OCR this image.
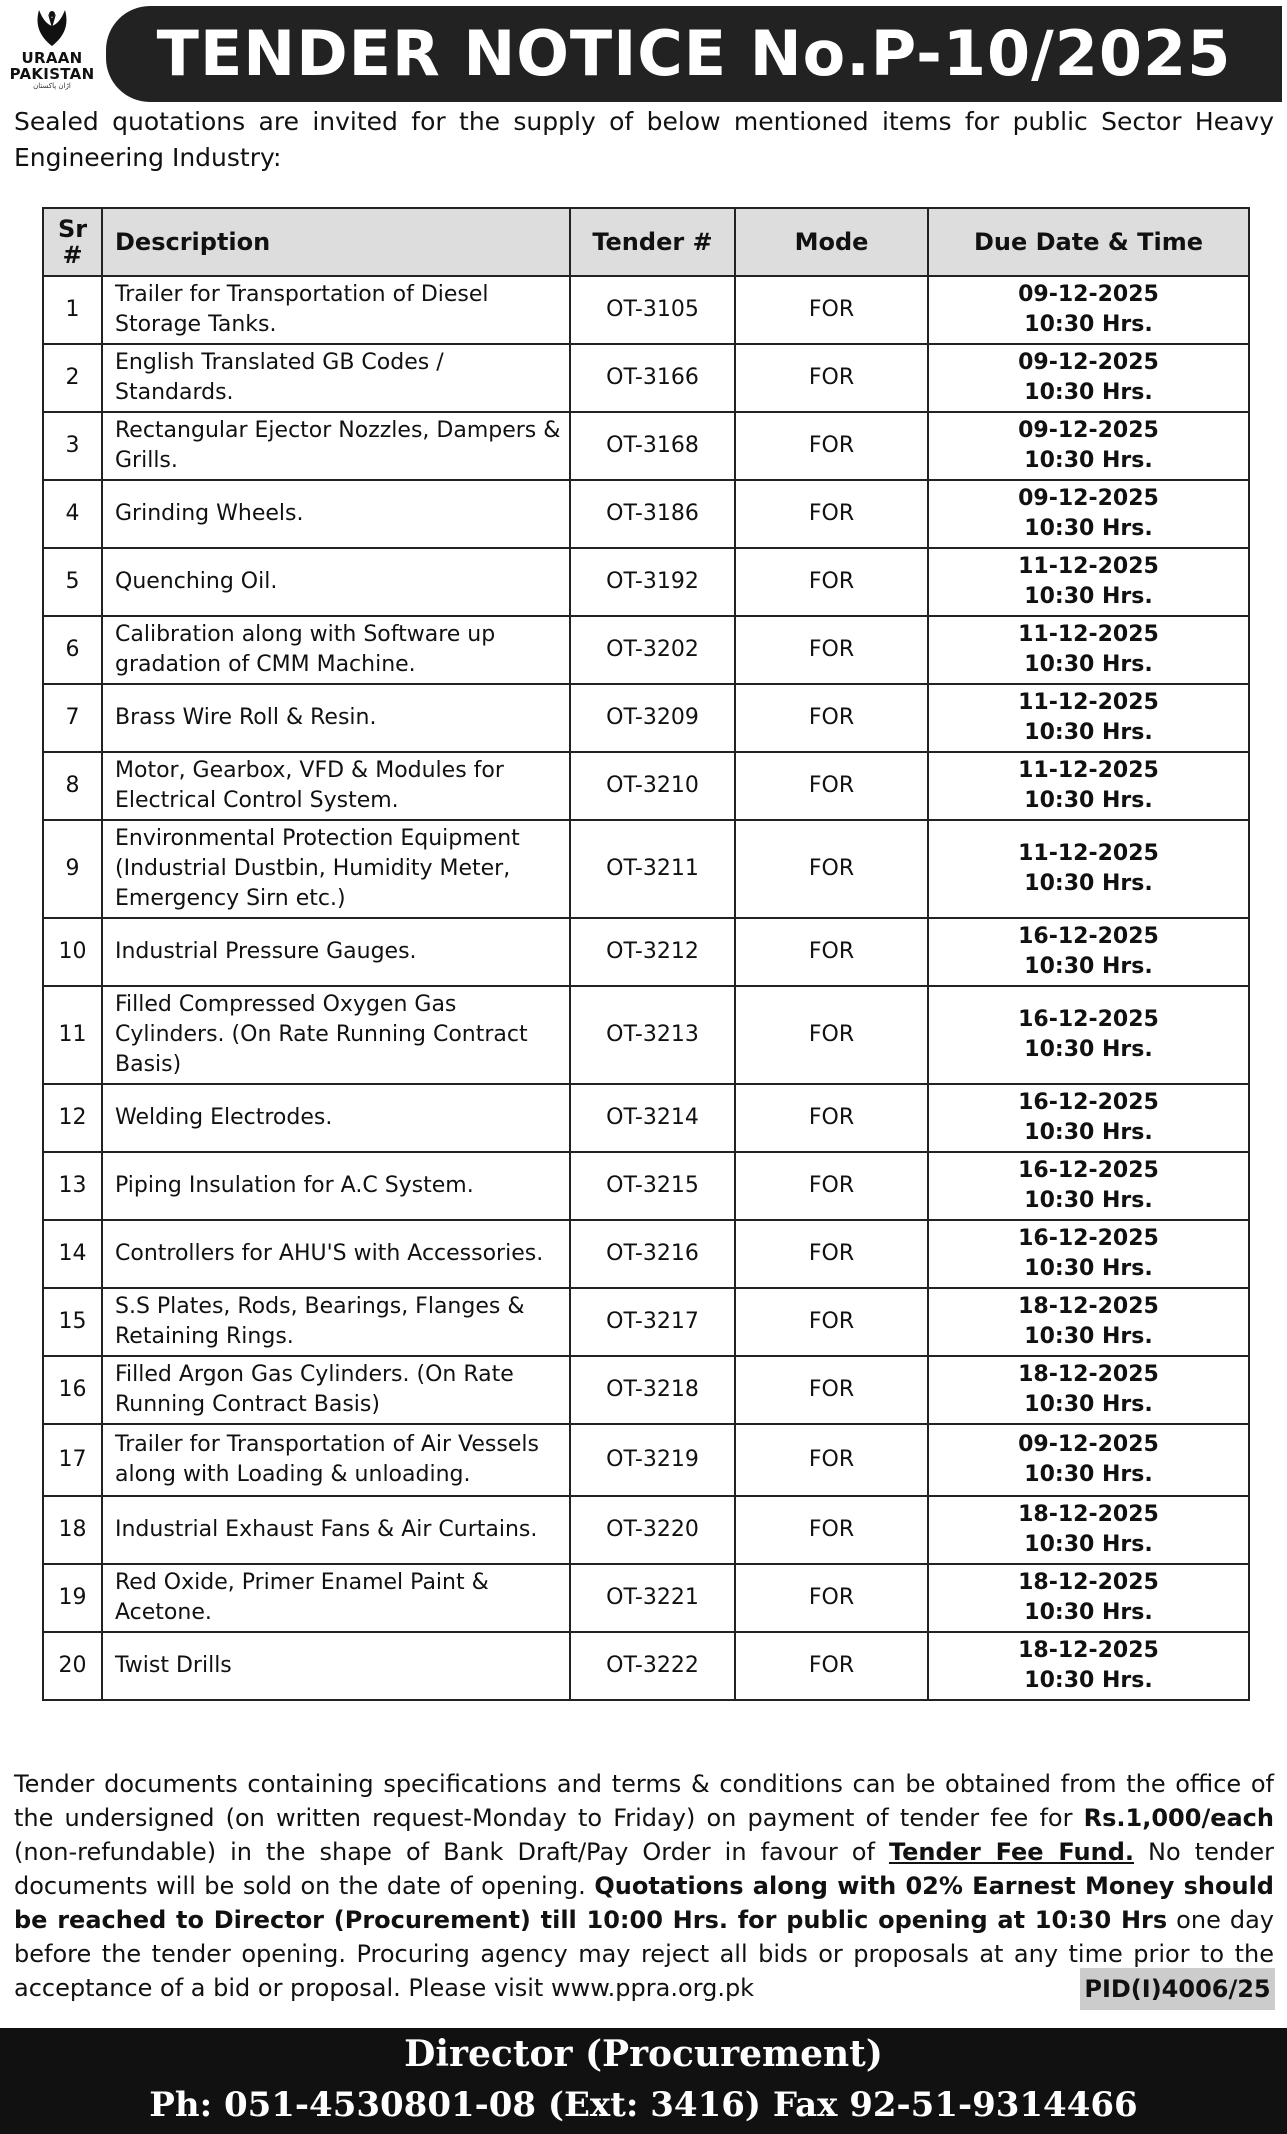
URAAN
PAKISTAN
اڑان پاکستان	TENDER NOTICE No.P-10/2025
Sealed quotations are invited for the supply of below mentioned items for public Sector Heavy Engineering Industry:
Sr #	Description	Tender #	Mode	Due Date & Time
1	Trailer for Transportation of Diesel Storage Tanks.	OT-3105	FOR	09-12-2025
10:30 Hrs.

2	English Translated GB Codes / Standards.	OT-3166	FOR	09-12-2025
10:30 Hrs.

3	Rectangular Ejector Nozzles, Dampers & Grills.	OT-3168	FOR	09-12-2025
10:30 Hrs.

4	Grinding Wheels.	OT-3186	FOR	09-12-2025
10:30 Hrs.

5	Quenching Oil.	OT-3192	FOR	11-12-2025
10:30 Hrs.

6	Calibration along with Software up gradation of CMM Machine.	OT-3202	FOR	11-12-2025
10:30 Hrs.

7	Brass Wire Roll & Resin.	OT-3209	FOR	11-12-2025
10:30 Hrs.

8	Motor, Gearbox, VFD & Modules for Electrical Control System.	OT-3210	FOR	11-12-2025
10:30 Hrs.

9	Environmental Protection Equipment (Industrial Dustbin, Humidity Meter, Emergency Sirn etc.)	OT-3211	FOR	11-12-2025
10:30 Hrs.

10	Industrial Pressure Gauges.	OT-3212	FOR	16-12-2025
10:30 Hrs.

11	Filled Compressed Oxygen Gas Cylinders. (On Rate Running Contract Basis)	OT-3213	FOR	16-12-2025
10:30 Hrs.

12	Welding Electrodes.	OT-3214	FOR	16-12-2025
10:30 Hrs.

13	Piping Insulation for A.C System.	OT-3215	FOR	16-12-2025
10:30 Hrs.

14	Controllers for AHU'S with Accessories.	OT-3216	FOR	16-12-2025
10:30 Hrs.

15	S.S Plates, Rods, Bearings, Flanges & Retaining Rings.	OT-3217	FOR	18-12-2025
10:30 Hrs.

16	Filled Argon Gas Cylinders. (On Rate Running Contract Basis)	OT-3218	FOR	18-12-2025
10:30 Hrs.

17	Trailer for Transportation of Air Vessels along with Loading & unloading.	OT-3219	FOR	09-12-2025
10:30 Hrs.

18	Industrial Exhaust Fans & Air Curtains.	OT-3220	FOR	18-12-2025
10:30 Hrs.

19	Red Oxide, Primer Enamel Paint & Acetone.	OT-3221	FOR	18-12-2025
10:30 Hrs.

20	Twist Drills	OT-3222	FOR	18-12-2025
10:30 Hrs.
Tender documents containing specifications and terms & conditions can be obtained from the office of the undersigned (on written request-Monday to Friday) on payment of tender fee for Rs.1,000/each (non-refundable) in the shape of Bank Draft/Pay Order in favour of Tender Fee Fund. No tender documents will be sold on the date of opening. Quotations along with 02% Earnest Money should be reached to Director (Procurement) till 10:00 Hrs. for public opening at 10:30 Hrs one day before the tender opening. Procuring agency may reject all bids or proposals at any time prior to the acceptance of a bid or proposal. Please visit www.ppra.org.pk	PID(I)4006/25
Director (Procurement)
Ph: 051-4530801-08 (Ext: 3416) Fax 92-51-9314466
